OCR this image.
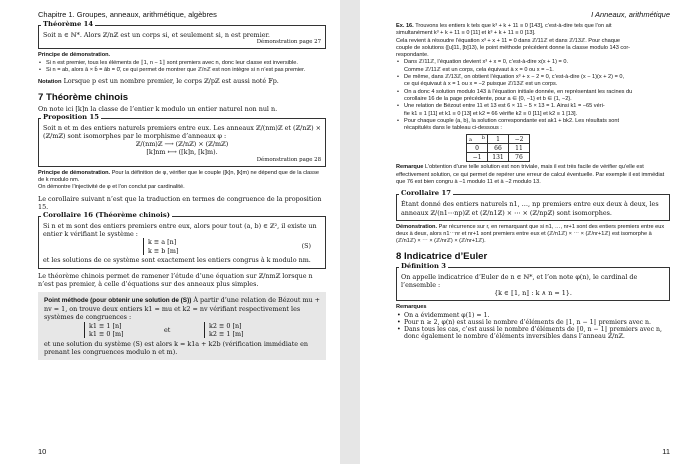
Chapitre 1. Groupes, anneaux, arithmétique, algèbres
Théorème 14
Soit n ∈ ℕ*. Alors ℤ/nℤ est un corps si, et seulement si, n est premier.
Démonstration page 27
Principe de démonstration.
• Si n est premier, tous les éléments de ⟦1, n − 1⟧ sont premiers avec n, donc leur classe est inversible.
• Si n = ab, alors ā × b̄ = āb = 0̄, ce qui permet de montrer que ℤ/nℤ est non intègre si n n’est pas premier.
Notation Lorsque p est un nombre premier, le corps ℤ/pℤ est aussi noté 𝔽p.
7 Théorème chinois
On note ici [k]n la classe de l’entier k modulo un entier naturel non nul n.
Proposition 15
Soit n et m des entiers naturels premiers entre eux. Les anneaux ℤ/(nm)ℤ et (ℤ/nℤ) × (ℤ/mℤ) sont isomorphes par le morphisme d’anneaux φ :
ℤ/(nm)ℤ ⟶ (ℤ/nℤ) × (ℤ/mℤ)
[k]nm ⟼ ([k]n, [k]m).
Démonstration page 28
Principe de démonstration. Pour la définition de φ, vérifier que le couple ([k]n, [k]m) ne dépend que de la classe de k modulo nm.
On démontre l’injectivité de φ et l’on conclut par cardinalité.
Le corollaire suivant n’est que la traduction en termes de congruence de la proposition 15.
Corollaire 16 (Théorème chinois)
Si n et m sont des entiers premiers entre eux, alors pour tout (a, b) ∈ ℤ², il existe un entier k vérifiant le système :
k ≡ a [n]
k ≡ b [m]
(S)
et les solutions de ce système sont exactement les entiers congrus à k modulo nm.
Le théorème chinois permet de ramener l’étude d’une équation sur ℤ/nmℤ lorsque n n’est pas premier, à celle d’équations sur des anneaux plus simples.
Point méthode (pour obtenir une solution de (S)) À partir d’une relation de Bézout mu + nv = 1, on trouve deux entiers k1 = mu et k2 = nv vérifiant respectivement les systèmes de congruences :
k1 ≡ 1 [n]
k1 ≡ 0 [m]
et	k2 ≡ 0 [n]
k2 ≡ 1 [m]
et une solution du système (S) est alors k = k1a + k2b (vérification immédiate en prenant les congruences modulo n et m).
10
I Anneaux, arithmétique
Ex. 16. Trouvons les entiers k tels que k³ + k + 11 ≡ 0 [143], c’est-à-dire tels que l’on ait
simultanément k³ + k + 11 ≡ 0 [11] et k³ + k + 11 ≡ 0 [13].
Cela revient à résoudre l’équation x³ + x + 11 = 0 dans ℤ/11ℤ et dans ℤ/13ℤ. Pour chaque
couple de solutions ([u]11, [b]13), le point méthode précédent donne la classe modulo 143 cor-
respondante.
• Dans ℤ/11ℤ, l’équation devient x³ + x = 0, c’est-à-dire x(x + 1) = 0.
Comme ℤ/11ℤ est un corps, cela équivaut à x = 0 ou x = −1.
• De même, dans ℤ/13ℤ, on obtient l’équation x³ + x − 2 = 0, c’est-à-dire (x − 1)(x + 2) = 0,
ce qui équivaut à x = 1 ou x = −2 puisque ℤ/13ℤ est un corps.
• On a donc 4 solution modulo 143 à l’équation initiale donnée, en représentant les racines du
corollaire 16 de la page précédente, pour a ∈ {0, −1} et b ∈ {1, −2}.
• Une relation de Bézout entre 11 et 13 est 6 × 11 − 5 × 13 = 1. Ainsi k1 = −65 véri-
fie k1 ≡ 1 [11] et k1 ≡ 0 [13] et k2 = 66 vérifie k2 ≡ 0 [11] et k2 ≡ 1 [13].
• Pour chaque couple (a, b), la solution correspondante est ak1 + bk2. Les résultats sont
récapitulés dans le tableau ci-dessous :
b
a	1	−2
0	66	11
−1	131	76
Remarque L’obtention d’une telle solution est non triviale, mais il est très facile de vérifier qu’elle est effectivement solution, ce qui permet de repérer une erreur de calcul éventuelle. Par exemple il est immédiat que 76 est bien congru à −1 modulo 11 et à −2 modulo 13.
Corollaire 17
Étant donné des entiers naturels n1, …, np premiers entre eux deux à deux, les anneaux ℤ/(n1⋯np)ℤ et (ℤ/n1ℤ) × ⋯ × (ℤ/npℤ) sont isomorphes.
Démonstration. Par récurrence sur r, en remarquant que si n1, …, nr+1 sont des entiers premiers entre eux deux à deux, alors n1⋯nr et nr+1 sont premiers entre eux et (ℤ/n1ℤ) × ⋯ × (ℤ/nr+1ℤ) est isomorphe à (ℤ/n1ℤ) × ⋯ × (ℤ/nrℤ) × (ℤ/nr+1ℤ).
8 Indicatrice d’Euler
Définition 3
On appelle indicatrice d’Euler de n ∈ ℕ*, et l’on note φ(n), le cardinal de l’ensemble :
{k ∈ ⟦1, n⟧ : k ∧ n = 1}.
Remarques
• On a évidemment φ(1) = 1.
• Pour n ≥ 2, φ(n) est aussi le nombre d’éléments de ⟦1, n − 1⟧ premiers avec n.
• Dans tous les cas, c’est aussi le nombre d’éléments de ⟦0, n − 1⟧ premiers avec n,
donc également le nombre d’éléments inversibles dans l’anneau ℤ/nℤ.
11
